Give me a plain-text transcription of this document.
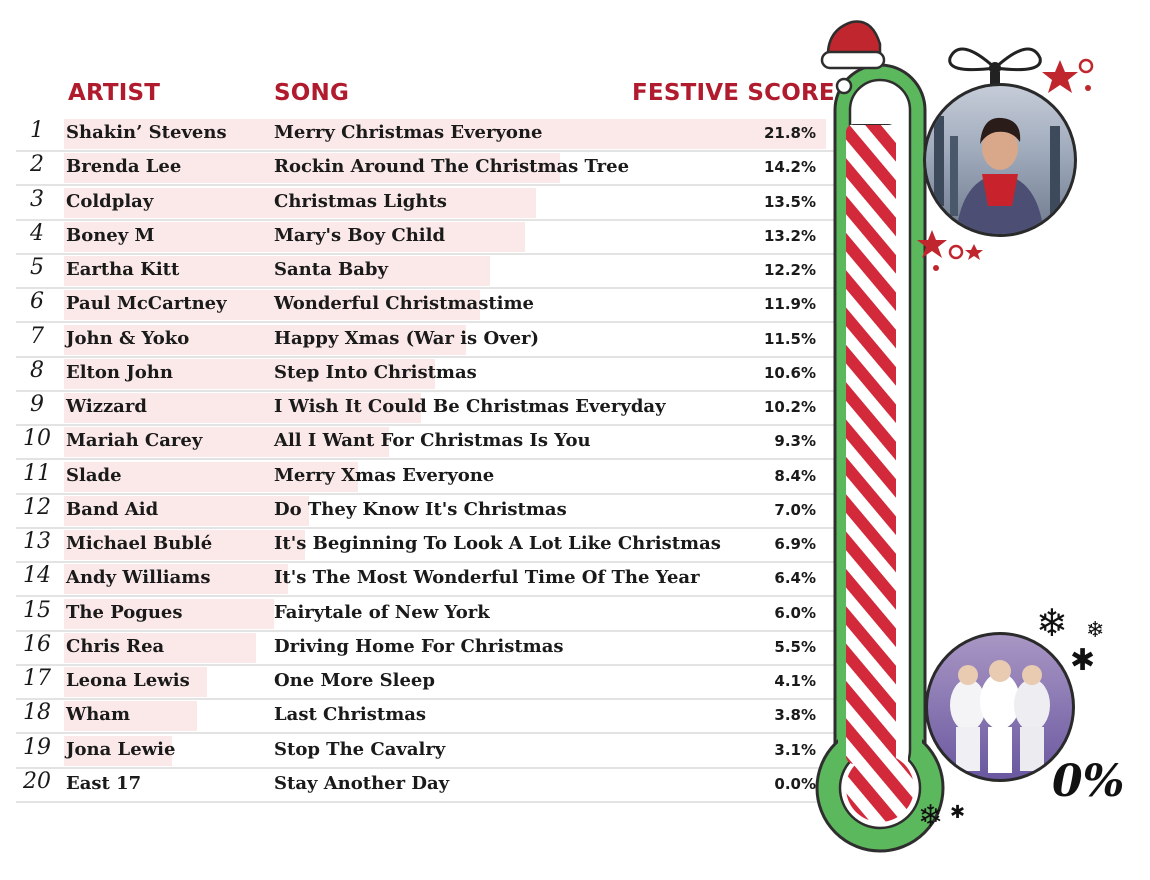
ARTIST	SONG	FESTIVE SCORE
1	Shakin’ Stevens	Merry Christmas Everyone	21.8%
2	Brenda Lee	Rockin Around The Christmas Tree	14.2%
3	Coldplay	Christmas Lights	13.5%
4	Boney M	Mary's Boy Child	13.2%
5	Eartha Kitt	Santa Baby	12.2%
6	Paul McCartney	Wonderful Christmastime	11.9%
7	John & Yoko	Happy Xmas (War is Over)	11.5%
8	Elton John	Step Into Christmas	10.6%
9	Wizzard	I Wish It Could Be Christmas Everyday	10.2%
10 Mariah Carey	All I Want For Christmas Is You	9.3%
11 Slade	Merry Xmas Everyone	8.4%
12 Band Aid	Do They Know It's Christmas	7.0%
13 Michael Bublé	It's Beginning To Look A Lot Like Christmas	6.9%
14 Andy Williams	It's The Most Wonderful Time Of The Year	6.4%
15 The Pogues	Fairytale of New York	6.0%
16 Chris Rea	Driving Home For Christmas	5.5%
17 Leona Lewis	One More Sleep	4.1%
18 Wham	Last Christmas	3.8%
19 Jona Lewie	Stop The Cavalry	3.1%
20 East 17	Stay Another Day	0.0%
❄ ❄
✱
❄ ✱
0%
